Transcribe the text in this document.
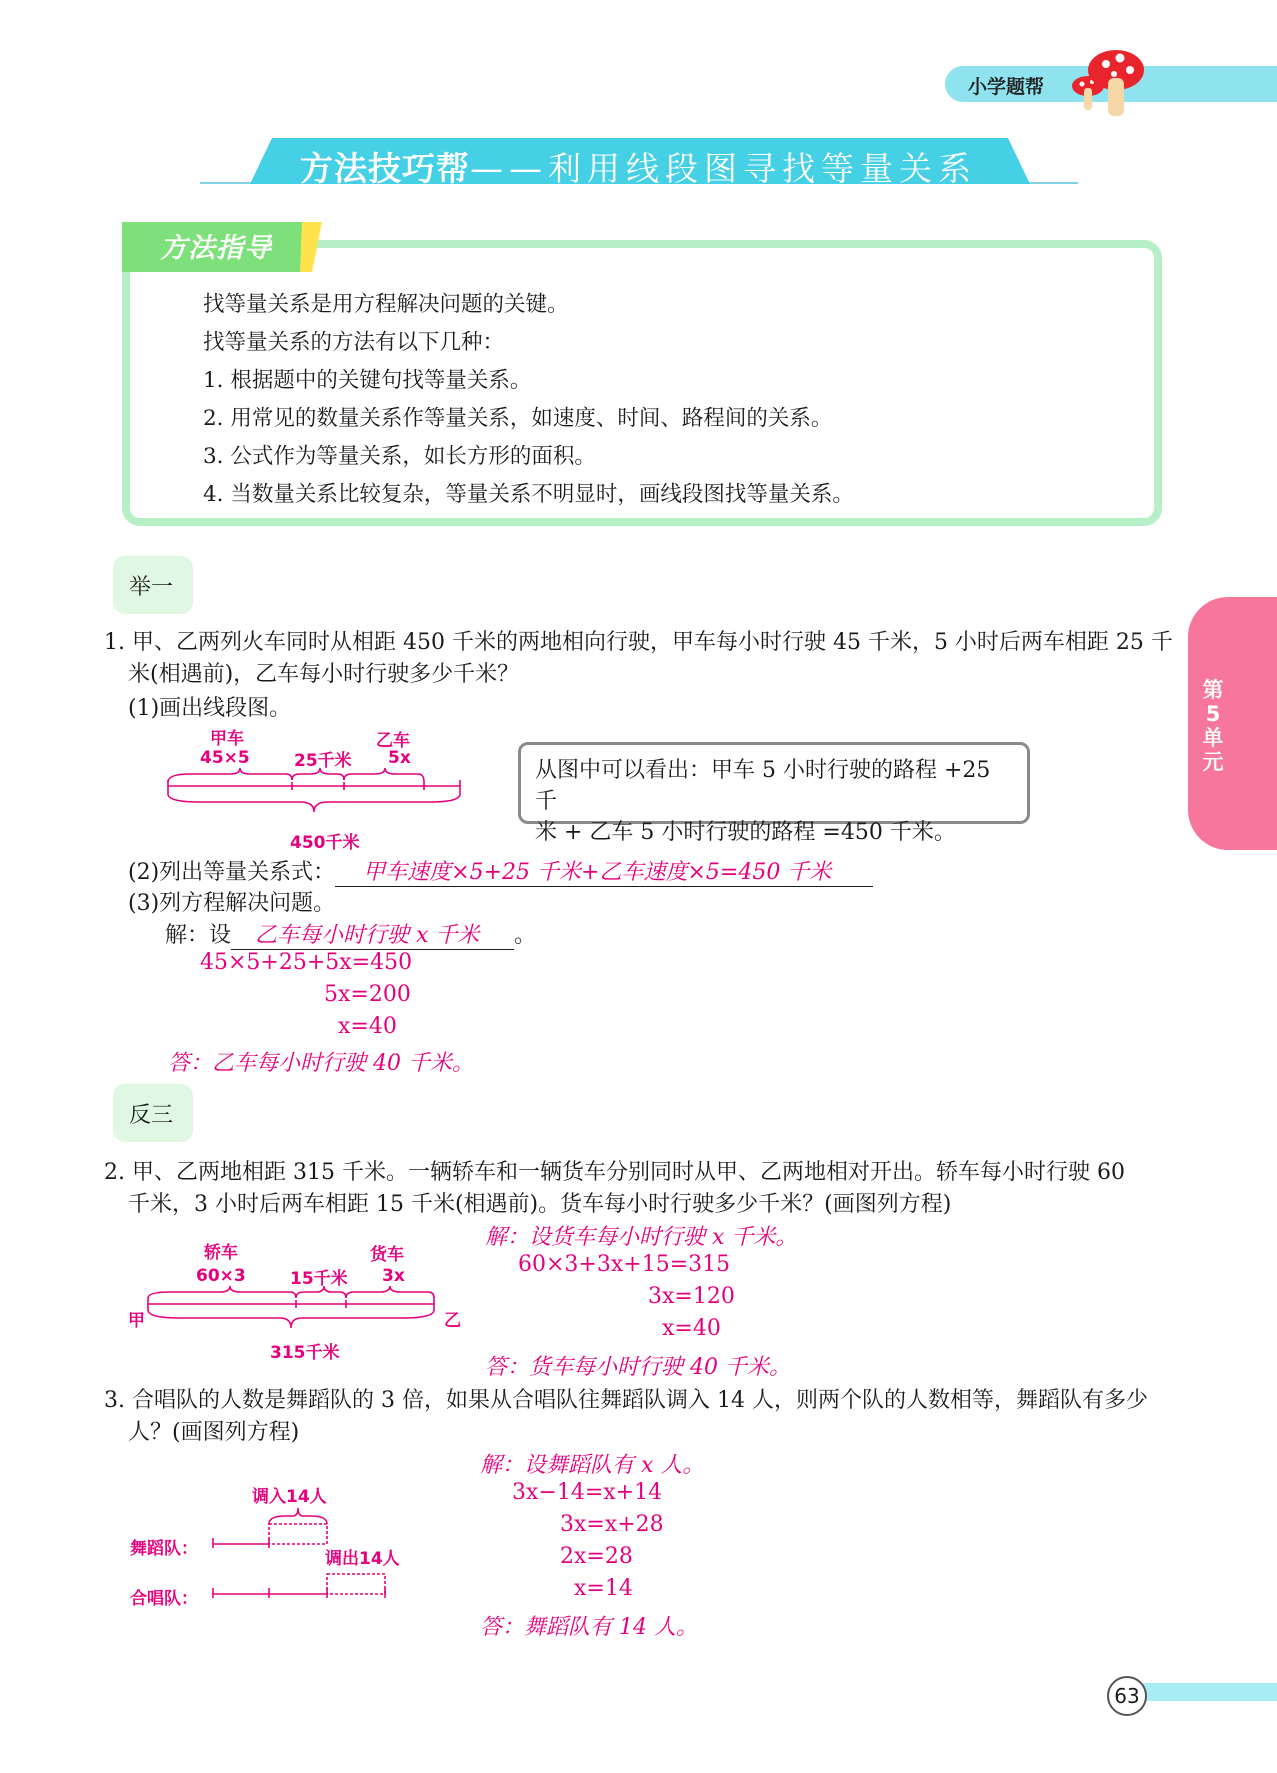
小学题帮
方法技巧帮——利用线段图寻找等量关系
方法指导
找等量关系是用方程解决问题的关键。
找等量关系的方法有以下几种：
1. 根据题中的关键句找等量关系。
2. 用常见的数量关系作等量关系，如速度、时间、路程间的关系。
3. 公式作为等量关系，如长方形的面积。
4. 当数量关系比较复杂，等量关系不明显时，画线段图找等量关系。
第5单元
举一
1. 甲、乙两列火车同时从相距 450 千米的两地相向行驶，甲车每小时行驶 45 千米，5 小时后两车相距 25 千
米(相遇前)，乙车每小时行驶多少千米？
(1)画出线段图。
甲车
45×5	25千米
乙车
5x
450千米
从图中可以看出：甲车 5 小时行驶的路程 +25 千
米 + 乙车 5 小时行驶的路程 =450 千米。
(2)列出等量关系式： 甲车速度×5+25 千米+乙车速度×5=450 千米
(3)列方程解决问题。
解：设 乙车每小时行驶 x 千米 。
45×5+25+5x=450
5x=200
x=40
答：乙车每小时行驶 40 千米。
反三
2. 甲、乙两地相距 315 千米。一辆轿车和一辆货车分别同时从甲、乙两地相对开出。轿车每小时行驶 60
千米，3 小时后两车相距 15 千米(相遇前)。货车每小时行驶多少千米？(画图列方程)
轿车
60×3	15千米
货车
3x
甲	乙
315千米
解：设货车每小时行驶 x 千米。
60×3+3x+15=315
3x=120
x=40
答：货车每小时行驶 40 千米。
3. 合唱队的人数是舞蹈队的 3 倍，如果从合唱队往舞蹈队调入 14 人，则两个队的人数相等，舞蹈队有多少
人？(画图列方程)
调入14人
舞蹈队：	调出14人
合唱队：
解：设舞蹈队有 x 人。
3x−14=x+14
3x=x+28
2x=28
x=14
答：舞蹈队有 14 人。
63
